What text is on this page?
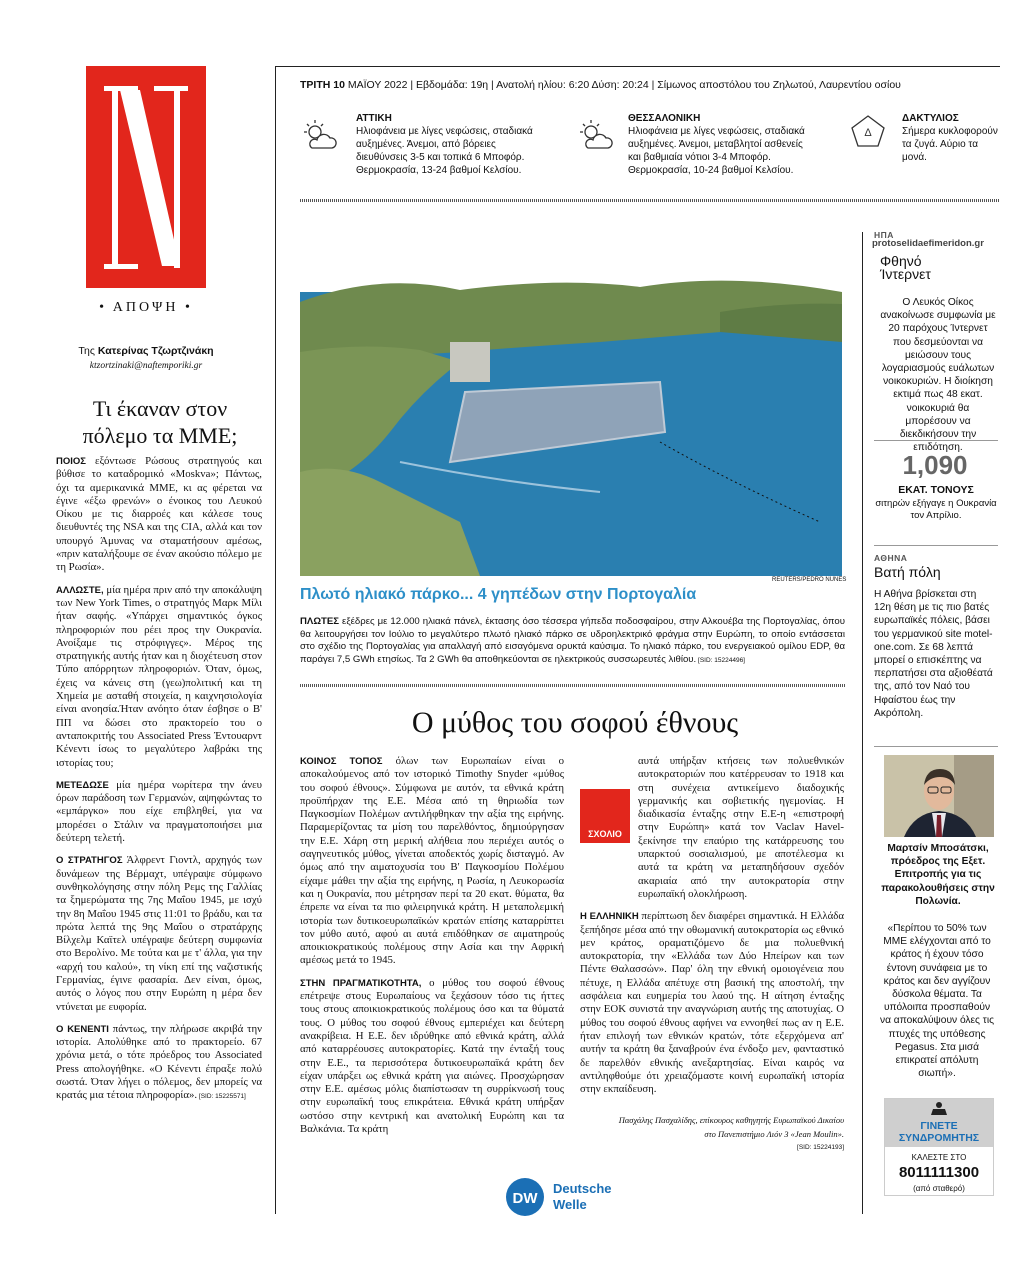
• ΑΠΟΨΗ •
Της Κατερίνας Τζωρτζινάκη
ktzortzinaki@naftemporiki.gr
Τι έκαναν στον
πόλεμο τα ΜΜΕ;

ΠΟΙΟΣ εξόντωσε Ρώσους στρατηγούς και βύθισε το καταδρομικό «Moskva»; Πάντως, όχι τα αμερικανικά ΜΜΕ, κι ας φέρεται να έγινε «έξω φρενών» ο ένοικος του Λευκού Οίκου με τις διαρροές και κάλεσε τους διευθυντές της NSA και της CIA, αλλά και τον υπουργό Άμυνας να σταματήσουν αμέσως, «πριν καταλήξουμε σε έναν ακούσιο πόλεμο με τη Ρωσία».

ΑΛΛΩΣΤΕ, μία ημέρα πριν από την αποκάλυψη των New York Times, ο στρατηγός Μαρκ Μίλι ήταν σαφής. «Υπάρχει σημαντικός όγκος πληροφοριών που ρέει προς την Ουκρανία. Ανοίξαμε τις στρόφιγγες». Μέρος της στρατηγικής αυτής ήταν και η διοχέτευση στον Τύπο απόρρητων πληροφοριών. Όταν, όμως, έχεις να κάνεις στη (γεω)πολιτική και τη Χημεία με ασταθή στοιχεία, η καιχνησιολογία είναι ανοησία.Ήταν ανόητο όταν έσβησε ο Β' ΠΠ να δώσει στο πρακτορείο του ο ανταποκριτής του Associated Press Έντουαρντ Κένεντι ίσως το μεγαλύτερο λαβράκι της ιστορίας του;

ΜΕΤΕΔΩΣΕ μία ημέρα νωρίτερα την άνευ όρων παράδοση των Γερμανών, αψηφώντας το «εμπάργκο» που είχε επιβληθεί, για να μπορέσει ο Στάλιν να πραγματοποιήσει μια δεύτερη τελετή.

Ο ΣΤΡΑΤΗΓΟΣ Άλφρεντ Γιοντλ, αρχηγός των δυνάμεων της Βέρμαχτ, υπέγραψε σύμφωνο συνθηκολόγησης στην πόλη Ρεμς της Γαλλίας τα ξημερώματα της 7ης Μαΐου 1945, με ισχύ την 8η Μαΐου 1945 στις 11:01 το βράδυ, και τα πρώτα λεπτά της 9ης Μαΐου ο στρατάρχης Βίλχελμ Καϊτελ υπέγραψε δεύτερη συμφωνία στο Βερολίνο. Με τούτα και με τ' άλλα, για την «αρχή του καλού», τη νίκη επί της ναζιστικής Γερμανίας, έγινε φασαρία. Δεν είναι, όμως, αυτός ο λόγος που στην Ευρώπη η μέρα δεν ντύνεται με ευφορία.

Ο ΚΕΝΕΝΤΙ πάντως, την πλήρωσε ακριβά την ιστορία. Απολύθηκε από το πρακτορείο. 67 χρόνια μετά, ο τότε πρόεδρος του Associated Press απολογήθηκε. «Ο Κένεντι έπραξε πολύ σωστά. Όταν λήγει ο πόλεμος, δεν μπορείς να κρατάς μια τέτοια πληροφορία». [SID: 15225571]

ΤΡΙΤΗ 10 ΜΑΪΟΥ 2022 | Εβδομάδα: 19η | Ανατολή ηλίου: 6:20 Δύση: 20:24 | Σίμωνος αποστόλου του Ζηλωτού, Λαυρεντίου οσίου
ΑΤΤΙΚΗ
Ηλιοφάνεια με λίγες νεφώσεις, σταδιακά αυξημένες. Άνεμοι, από βόρειες διευθύνσεις 3-5 και τοπικά 6 Μποφόρ. Θερμοκρασία, 13-24 βαθμοί Κελσίου.
ΘΕΣΣΑΛΟΝΙΚΗ
Ηλιοφάνεια με λίγες νεφώσεις, σταδιακά αυξημένες. Άνεμοι, μεταβλητοί ασθενείς και βαθμιαία νότιοι 3-4 Μποφόρ. Θερμοκρασία, 10-24 βαθμοί Κελσίου.
Δ
ΔΑΚΤΥΛΙΟΣ
Σήμερα κυκλοφορούν τα ζυγά. Αύριο τα μονά.
REUTERS/PEDRO NUNES
Πλωτό ηλιακό πάρκο... 4 γηπέδων στην Πορτογαλία
ΠΛΩΤΕΣ εξέδρες με 12.000 ηλιακά πάνελ, έκτασης όσο τέσσερα γήπεδα ποδοσφαίρου, στην Αλκουέβα της Πορτογαλίας, όπου θα λειτουργήσει τον Ιούλιο το μεγαλύτερο πλωτό ηλιακό πάρκο σε υδροηλεκτρικό φράγμα στην Ευρώπη, το οποίο εντάσσεται στο σχέδιο της Πορτογαλίας για απαλλαγή από εισαγόμενα ορυκτά καύσιμα. Το ηλιακό πάρκο, του ενεργειακού ομίλου EDP, θα παράγει 7,5 GWh ετησίως. Τα 2 GWh θα αποθηκεύονται σε ηλεκτρικούς συσσωρευτές λιθίου. [SID: 15224496]
Ο μύθος του σοφού έθνους

ΚΟΙΝΟΣ ΤΟΠΟΣ όλων των Ευρωπαίων είναι ο αποκαλούμενος από τον ιστορικό Timothy Snyder «μύθος του σοφού έθνους». Σύμφωνα με αυτόν, τα εθνικά κράτη προϋπήρχαν της Ε.Ε. Μέσα από τη θηριωδία των Παγκοσμίων Πολέμων αντιλήφθηκαν την αξία της ειρήνης. Παραμερίζοντας τα μίση του παρελθόντος, δημιούργησαν την Ε.Ε. Χάρη στη μερική αλήθεια που περιέχει αυτός ο σαγηνευτικός μύθος, γίνεται αποδεκτός χωρίς δισταγμό. Αν όμως από την αιματοχυσία του Β' Παγκοσμίου Πολέμου είχαμε μάθει την αξία της ειρήνης, η Ρωσία, η Λευκορωσία και η Ουκρανία, που μέτρησαν περί τα 20 εκατ. θύματα, θα έπρεπε να είναι τα πιο φιλειρηνικά κράτη. Η μεταπολεμική ιστορία των δυτικοευρωπαϊκών κρατών επίσης καταρρίπτει τον μύθο αυτό, αφού αι αυτά επιδόθηκαν σε αιματηρούς αποικιοκρατικούς πολέμους στην Ασία και την Αφρική αμέσως μετά το 1945.

ΣΤΗΝ ΠΡΑΓΜΑΤΙΚΟΤΗΤΑ, ο μύθος του σοφού έθνους επέτρεψε στους Ευρωπαίους να ξεχάσουν τόσο τις ήττες τους στους αποικιοκρατικούς πολέμους όσο και τα θύματά τους. Ο μύθος του σοφού έθνους εμπεριέχει και δεύτερη ανακρίβεια. Η Ε.Ε. δεν ιδρύθηκε από εθνικά κράτη, αλλά από καταρρέουσες αυτοκρατορίες. Κατά την ένταξή τους στην Ε.Ε., τα περισσότερα δυτικοευρωπαϊκά κράτη δεν είχαν υπάρξει ως εθνικά κράτη για αιώνες. Προσχώρησαν στην Ε.Ε. αμέσως μόλις διαπίστωσαν τη συρρίκνωσή τους στην ευρωπαϊκή τους επικράτεια. Εθνικά κράτη υπήρξαν ωστόσο στην κεντρική και ανατολική Ευρώπη και τα Βαλκάνια. Τα κράτη

αυτά υπήρξαν κτήσεις των πολυεθνικών αυτοκρατοριών που κατέρρευσαν το 1918 και στη συνέχεια αντικείμενο διαδοχικής γερμανικής και σοβιετικής ηγεμονίας. Η διαδικασία ένταξης στην Ε.Ε-η «επιστροφή στην Ευρώπη» κατά τον Vaclav Havel-ξεκίνησε την επαύριο της κατάρρευσης του υπαρκτού σοσιαλισμού, με αποτέλεσμα κι αυτά τα κράτη να μεταπηδήσουν σχεδόν ακαριαία από την αυτοκρατορία στην ευρωπαϊκή ολοκλήρωση.

Η ΕΛΛΗΝΙΚΗ περίπτωση δεν διαφέρει σημαντικά. Η Ελλάδα ξεπήδησε μέσα από την οθωμανική αυτοκρατορία ως εθνικό μεν κράτος, οραματιζόμενο δε μια πολυεθνική αυτοκρατορία, την «Ελλάδα των Δύο Ηπείρων και των Πέντε Θαλασσών». Παρ' όλη την εθνική ομοιογένεια που πέτυχε, η Ελλάδα απέτυχε στη βασική της αποστολή, την ασφάλεια και ευημερία του λαού της. Η αίτηση ένταξης στην ΕΟΚ συνιστά την αναγνώριση αυτής της αποτυχίας. Ο μύθος του σοφού έθνους αφήνει να εννοηθεί πως αν η Ε.Ε. ήταν επιλογή των εθνικών κρατών, τότε εξερχόμενα απ' αυτήν τα κράτη θα ξαναβρούν ένα ένδοξο μεν, φανταστικό δε παρελθόν εθνικής ανεξαρτησίας. Είναι καιρός να αντιληφθούμε ότι χρειαζόμαστε κοινή ευρωπαϊκή ιστορία στην εκπαίδευση.

ΣΧΟΛΙΟ
Πασχάλης Πασχαλίδης, επίκουρος καθηγητής Ευρωπαϊκού Δικαίου
στο Πανεπιστήμιο Λιόν 3 «Jean Moulin».
[SID: 15224193]
DW
Deutsche
Welle
protoselidaefimeridon.gr
ΗΠΑ
Φθηνό
Ίντερνετ
Ο Λευκός Οίκος ανακοίνωσε συμφωνία με 20 παρόχους Ίντερνετ που δεσμεύονται να μειώσουν τους λογαριασμούς ευάλωτων νοικοκυριών. Η διοίκηση εκτιμά πως 48 εκατ. νοικοκυριά θα μπορέσουν να διεκδικήσουν την επιδότηση.
1,090
ΕΚΑΤ. ΤΟΝΟΥΣ
σιτηρών εξήγαγε η Ουκρανία τον Απρίλιο.
ΑΘΗΝΑ
Βατή πόλη
Η Αθήνα βρίσκεται στη 12η θέση με τις πιο βατές ευρωπαϊκές πόλεις, βάσει του γερμανικού site motel-one.com. Σε 68 λεπτά μπορεί ο επισκέπτης να περπατήσει στα αξιοθέατά της, από τον Ναό του Ηφαίστου έως την Ακρόπολη.
Μαρτσίν Μποσάτσκι, πρόεδρος της Εξετ. Επιτροπής για τις παρακολουθήσεις στην Πολωνία.
«Περίπου το 50% των ΜΜΕ ελέγχονται από το κράτος ή έχουν τόσο έντονη συνάφεια με το κράτος και δεν αγγίζουν δύσκολα θέματα. Τα υπόλοιπα προσπαθούν να αποκαλύψουν όλες τις πτυχές της υπόθεσης Pegasus. Στα μισά επικρατεί απόλυτη σιωπή».
ΓΙΝΕΤΕ
ΣΥΝΔΡΟΜΗΤΗΣ
ΚΑΛΕΣΤΕ ΣΤΟ
8011111300
(από σταθερό)
